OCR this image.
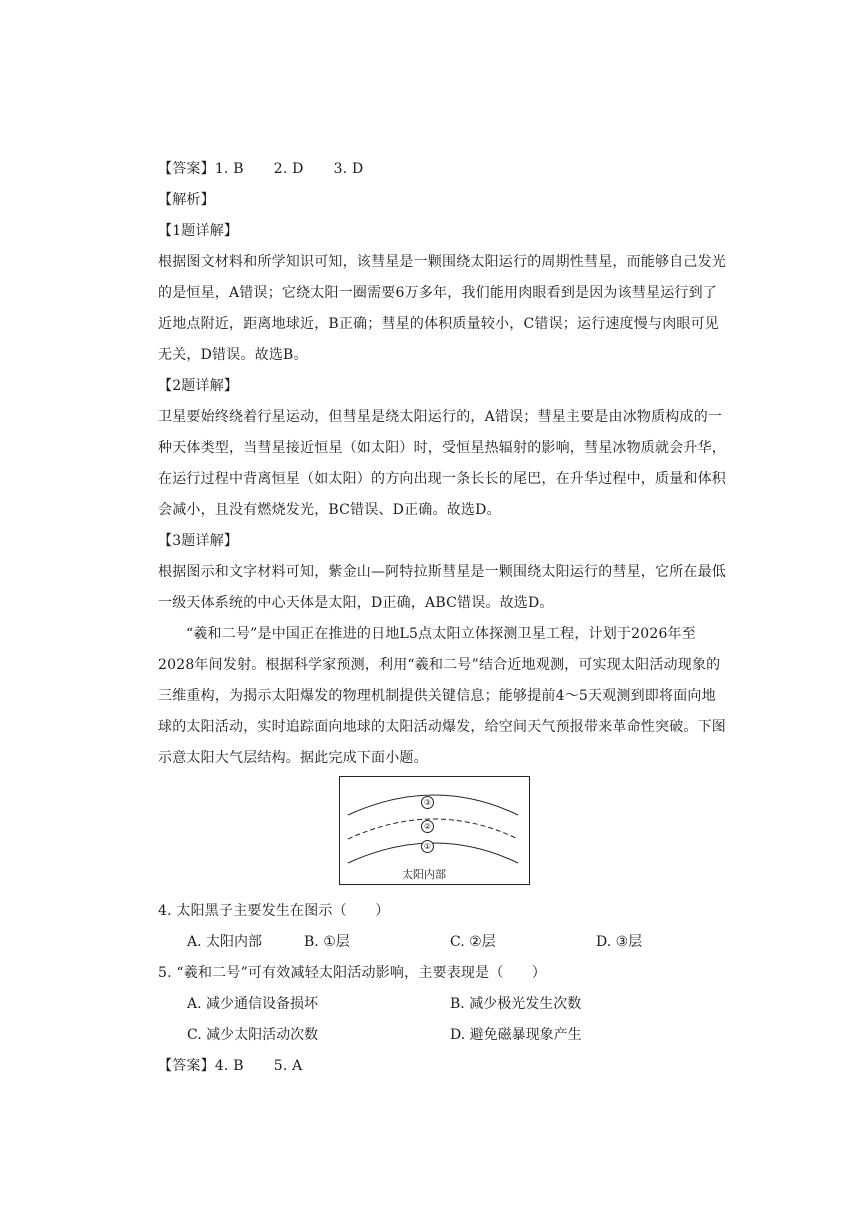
【答案】1. B 2. D 3. D
【解析】
【1题详解】
根据图文材料和所学知识可知，该彗星是一颗围绕太阳运行的周期性彗星，而能够自己发光
的是恒星，A错误；它绕太阳一圈需要6万多年，我们能用肉眼看到是因为该彗星运行到了
近地点附近，距离地球近，B正确；彗星的体积质量较小，C错误；运行速度慢与肉眼可见
无关，D错误。故选B。
【2题详解】
卫星要始终绕着行星运动，但彗星是绕太阳运行的，A错误；彗星主要是由冰物质构成的一
种天体类型，当彗星接近恒星（如太阳）时，受恒星热辐射的影响，彗星冰物质就会升华，
在运行过程中背离恒星（如太阳）的方向出现一条长长的尾巴，在升华过程中，质量和体积
会减小，且没有燃烧发光，BC错误、D正确。故选D。
【3题详解】
根据图示和文字材料可知，紫金山—阿特拉斯彗星是一颗围绕太阳运行的彗星，它所在最低
一级天体系统的中心天体是太阳，D正确，ABC错误。故选D。
“羲和二号”是中国正在推进的日地L5点太阳立体探测卫星工程，计划于2026年至
2028年间发射。根据科学家预测，利用“羲和二号”结合近地观测，可实现太阳活动现象的
三维重构，为揭示太阳爆发的物理机制提供关键信息；能够提前4～5天观测到即将面向地
球的太阳活动，实时追踪面向地球的太阳活动爆发，给空间天气预报带来革命性突破。下图
示意太阳大气层结构。据此完成下面小题。
③
②
①
太阳内部
4. 太阳黑子主要发生在图示（　　）
A. 太阳内部	B. ①层	C. ②层	D. ③层
5. “羲和二号”可有效减轻太阳活动影响，主要表现是（　　）
A. 减少通信设备损坏	B. 减少极光发生次数
C. 减少太阳活动次数	D. 避免磁暴现象产生
【答案】4. B 5. A
